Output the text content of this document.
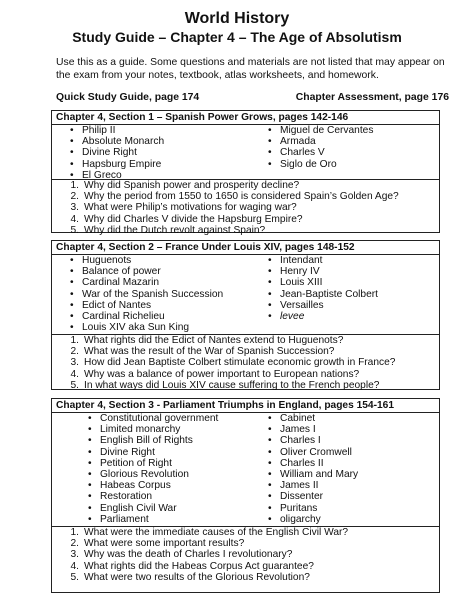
World History
Study Guide – Chapter 4 – The Age of Absolutism
Use this as a guide. Some questions and materials are not listed that may appear on the exam from your notes, textbook, atlas worksheets, and homework.
Quick Study Guide, page 174	Chapter Assessment, page 176
Chapter 4, Section 1 – Spanish Power Grows, pages 142-146
• Philip II
• Absolute Monarch
• Divine Right
• Hapsburg Empire
• El Greco
• Miguel de Cervantes
• Armada
• Charles V
• Siglo de Oro
1. Why did Spanish power and prosperity decline?
2. Why the period from 1550 to 1650 is considered Spain’s Golden Age?
3. What were Philip’s motivations for waging war?
4. Why did Charles V divide the Hapsburg Empire?
5. Why did the Dutch revolt against Spain?
Chapter 4, Section 2 – France Under Louis XIV, pages 148-152
• Huguenots
• Balance of power
• Cardinal Mazarin
• War of the Spanish Succession
• Edict of Nantes
• Cardinal Richelieu
• Louis XIV aka Sun King
• Intendant
• Henry IV
• Louis XIII
• Jean-Baptiste Colbert
• Versailles
• levee
1. What rights did the Edict of Nantes extend to Huguenots?
2. What was the result of the War of Spanish Succession?
3. How did Jean Baptiste Colbert stimulate economic growth in France?
4. Why was a balance of power important to European nations?
5. In what ways did Louis XIV cause suffering to the French people?
Chapter 4, Section 3 - Parliament Triumphs in England, pages 154-161
• Constitutional government
• Limited monarchy
• English Bill of Rights
• Divine Right
• Petition of Right
• Glorious Revolution
• Habeas Corpus
• Restoration
• English Civil War
• Parliament
• Cabinet
• James I
• Charles I
• Oliver Cromwell
• Charles II
• William and Mary
• James II
• Dissenter
• Puritans
• oligarchy
1. What were the immediate causes of the English Civil War?
2. What were some important results?
3. Why was the death of Charles I revolutionary?
4. What rights did the Habeas Corpus Act guarantee?
5. What were two results of the Glorious Revolution?
